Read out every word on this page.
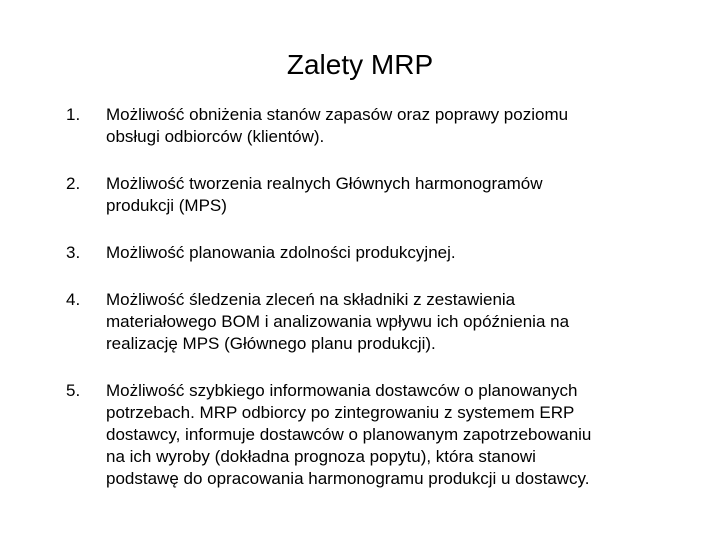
Zalety MRP
1.	Możliwość obniżenia stanów zapasów oraz poprawy poziomu
obsługi odbiorców (klientów).
2.	Możliwość tworzenia realnych Głównych harmonogramów
produkcji (MPS)
3.	Możliwość planowania zdolności produkcyjnej.
4.	Możliwość śledzenia zleceń na składniki z zestawienia
materiałowego BOM i analizowania wpływu ich opóźnienia na
realizację MPS (Głównego planu produkcji).
5.	Możliwość szybkiego informowania dostawców o planowanych
potrzebach. MRP odbiorcy po zintegrowaniu z systemem ERP
dostawcy, informuje dostawców o planowanym zapotrzebowaniu
na ich wyroby (dokładna prognoza popytu), która stanowi
podstawę do opracowania harmonogramu produkcji u dostawcy.
